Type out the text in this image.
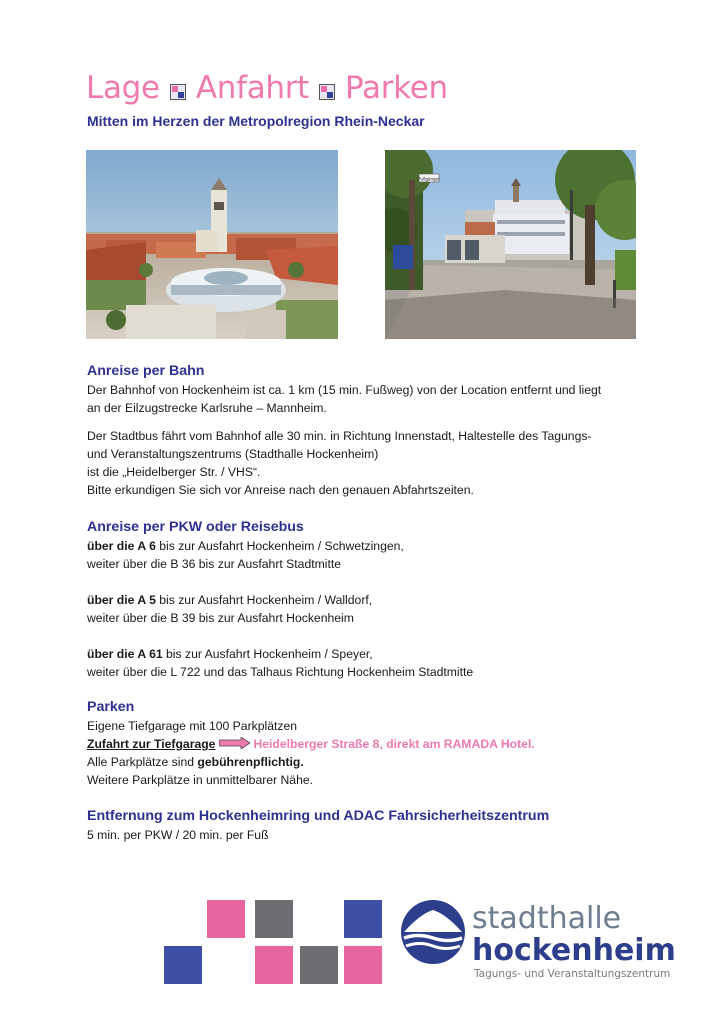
Lage Anfahrt Parken
Mitten im Herzen der Metropolregion Rhein-Neckar
Fußgänger
Anreise per Bahn

Der Bahnhof von Hockenheim ist ca. 1 km (15 min. Fußweg) von der Location entfernt und liegt

an der Eilzugstrecke Karlsruhe – Mannheim.

Der Stadtbus fährt vom Bahnhof alle 30 min. in Richtung Innenstadt, Haltestelle des Tagungs-

und Veranstaltungszentrums (Stadthalle Hockenheim)

ist die „Heidelberger Str. / VHS“.

Bitte erkundigen Sie sich vor Anreise nach den genauen Abfahrtszeiten.

Anreise per PKW oder Reisebus

über die A 6 bis zur Ausfahrt Hockenheim / Schwetzingen,

weiter über die B 36 bis zur Ausfahrt Stadtmitte

über die A 5 bis zur Ausfahrt Hockenheim / Walldorf,

weiter über die B 39 bis zur Ausfahrt Hockenheim

über die A 61 bis zur Ausfahrt Hockenheim / Speyer,

weiter über die L 722 und das Talhaus Richtung Hockenheim Stadtmitte

Parken

Eigene Tiefgarage mit 100 Parkplätzen

Zufahrt zur Tiefgarage	Heidelberger Straße 8, direkt am RAMADA Hotel.

Alle Parkplätze sind gebührenpflichtig.

Weitere Parkplätze in unmittelbarer Nähe.

Entfernung zum Hockenheimring und ADAC Fahrsicherheitszentrum

5 min. per PKW / 20 min. per Fuß

stadthalle
hockenheim
Tagungs- und Veranstaltungszentrum
